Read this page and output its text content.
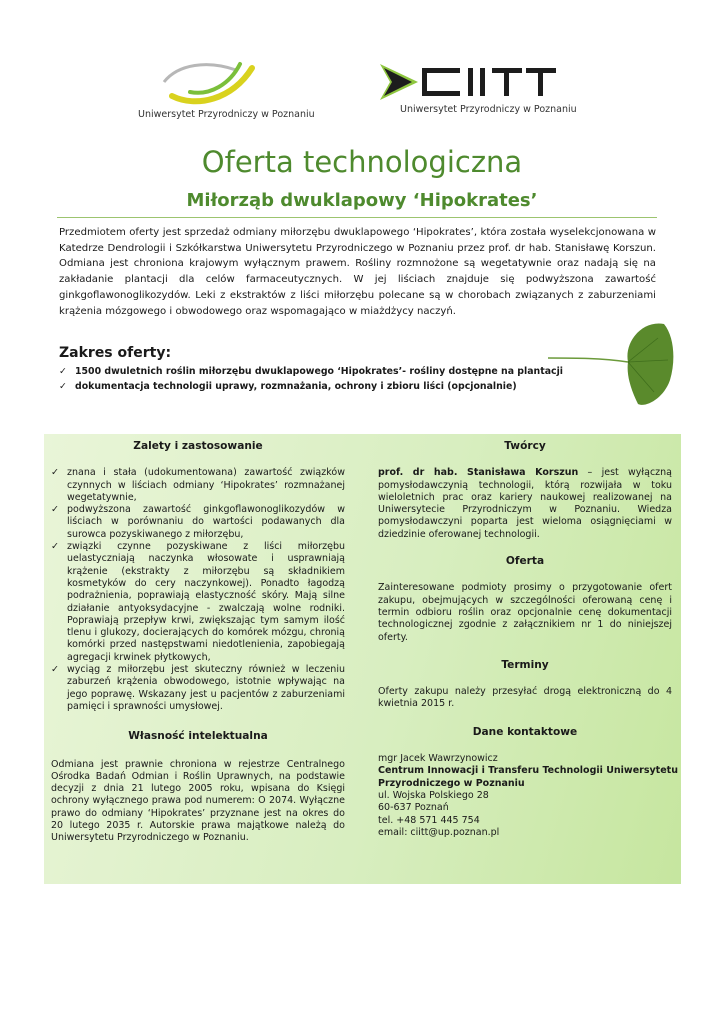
Uniwersytet Przyrodniczy w Poznaniu	Uniwersytet Przyrodniczy w Poznaniu
Oferta technologiczna
Miłorząb dwuklapowy ‘Hipokrates’
Przedmiotem oferty jest sprzedaż odmiany miłorzębu dwuklapowego ‘Hipokrates’, która została wyselekcjonowana w Katedrze Dendrologii i Szkółkarstwa Uniwersytetu Przyrodniczego w Poznaniu przez prof. dr hab. Stanisławę Korszun. Odmiana jest chroniona krajowym wyłącznym prawem. Rośliny rozmnożone są wegetatywnie oraz nadają się na zakładanie plantacji dla celów farmaceutycznych. W jej liściach znajduje się podwyższona zawartość ginkgoflawonoglikozydów. Leki z ekstraktów z liści miłorzębu polecane są w chorobach związanych z zaburzeniami krążenia mózgowego i obwodowego oraz wspomagająco w miażdżycy naczyń.
Zakres oferty:
✓ 1500 dwuletnich roślin miłorzębu dwuklapowego ‘Hipokrates’- rośliny dostępne na plantacji
✓ dokumentacja technologii uprawy, rozmnażania, ochrony i zbioru liści (opcjonalnie)
Zalety i zastosowanie
✓ znana i stała (udokumentowana) zawartość związków czynnych w liściach odmiany ‘Hipokrates’ rozmnażanej wegetatywnie,
✓ podwyższona zawartość ginkgoflawonoglikozydów w liściach w porównaniu do wartości podawanych dla surowca pozyskiwanego z miłorzębu,
✓ związki czynne pozyskiwane z liści miłorzębu uelastyczniają naczynka włosowate i usprawniają krążenie (ekstrakty z miłorzębu są składnikiem kosmetyków do cery naczynkowej). Ponadto łagodzą podrażnienia, poprawiają elastyczność skóry. Mają silne działanie antyoksydacyjne - zwalczają wolne rodniki. Poprawiają przepływ krwi, zwiększając tym samym ilość tlenu i glukozy, docierających do komórek mózgu, chronią komórki przed następstwami niedotlenienia, zapobiegają agregacji krwinek płytkowych,
✓ wyciąg z miłorzębu jest skuteczny również w leczeniu zaburzeń krążenia obwodowego, istotnie wpływając na jego poprawę. Wskazany jest u pacjentów z zaburzeniami pamięci i sprawności umysłowej.
Własność intelektualna

Odmiana jest prawnie chroniona w rejestrze Centralnego Ośrodka Badań Odmian i Roślin Uprawnych, na podstawie decyzji z dnia 21 lutego 2005 roku, wpisana do Księgi ochrony wyłącznego prawa pod numerem: O 2074. Wyłączne prawo do odmiany ‘Hipokrates’ przyznane jest na okres do 20 lutego 2035 r. Autorskie prawa majątkowe należą do Uniwersytetu Przyrodniczego w Poznaniu.

Twórcy

prof. dr hab. Stanisława Korszun – jest wyłączną pomysłodawczynią technologii, którą rozwijała w toku wieloletnich prac oraz kariery naukowej realizowanej na Uniwersytecie Przyrodniczym w Poznaniu. Wiedza pomysłodawczyni poparta jest wieloma osiągnięciami w dziedzinie oferowanej technologii.

Oferta

Zainteresowane podmioty prosimy o przygotowanie ofert zakupu, obejmujących w szczególności oferowaną cenę i termin odbioru roślin oraz opcjonalnie cenę dokumentacji technologicznej zgodnie z załącznikiem nr 1 do niniejszej oferty.

Terminy

Oferty zakupu należy przesyłać drogą elektroniczną do 4 kwietnia 2015 r.

Dane kontaktowe
mgr Jacek Wawrzynowicz
Centrum Innowacji i Transferu Technologii Uniwersytetu
Przyrodniczego w Poznaniu
ul. Wojska Polskiego 28
60-637 Poznań
tel. +48 571 445 754
email: ciitt@up.poznan.pl
